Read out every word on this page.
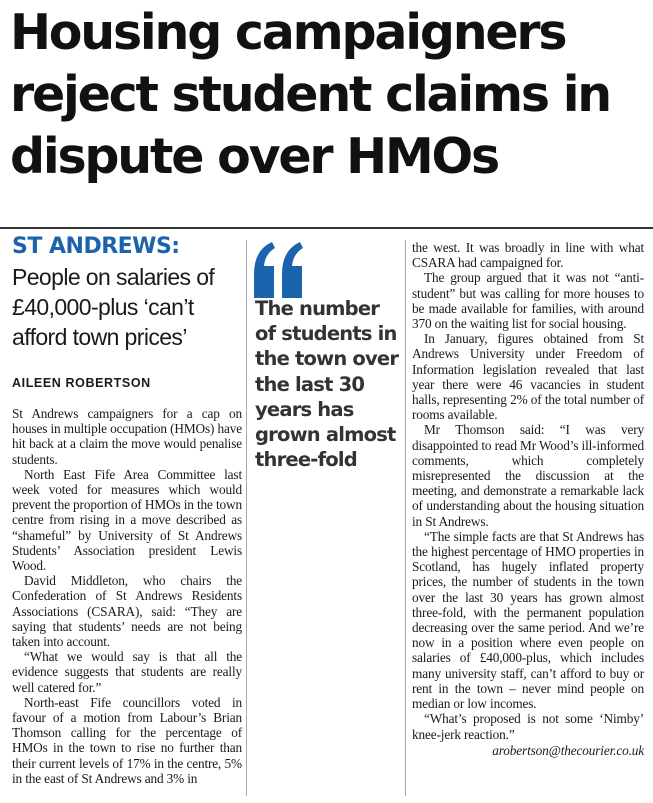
Housing campaigners reject student claims in dispute over HMOs
ST ANDREWS:

People on salaries of £40,000-plus ‘can’t afford town prices’

AILEEN ROBERTSON

St Andrews campaigners for a cap on houses in multiple occupation (HMOs) have hit back at a claim the move would penalise students.

North East Fife Area Committee last week voted for measures which would prevent the proportion of HMOs in the town centre from rising in a move described as “shameful” by University of St Andrews Students’ Association president Lewis Wood.

David Middleton, who chairs the Confederation of St Andrews Residents Associations (CSARA), said: “They are saying that students’ needs are not being taken into account.

“What we would say is that all the evidence suggests that students are really well catered for.”

North-east Fife councillors voted in favour of a motion from Labour’s Brian Thomson calling for the percentage of HMOs in the town to rise no further than their current levels of 17% in the centre, 5% in the east of St Andrews and 3% in

The number of students in the town over the last 30 years has grown almost three-fold

the west. It was broadly in line with what CSARA had campaigned for.

The group argued that it was not “anti-student” but was calling for more houses to be made available for families, with around 370 on the waiting list for social housing.

In January, figures obtained from St Andrews University under Freedom of Information legislation revealed that last year there were 46 vacancies in student halls, representing 2% of the total number of rooms available.

Mr Thomson said: “I was very disappointed to read Mr Wood’s ill-informed comments, which completely misrepresented the discussion at the meeting, and demonstrate a remarkable lack of understanding about the housing situation in St Andrews.

“The simple facts are that St Andrews has the highest percentage of HMO properties in Scotland, has hugely inflated property prices, the number of students in the town over the last 30 years has grown almost three-fold, with the permanent population decreasing over the same period. And we’re now in a position where even people on salaries of £40,000-plus, which includes many university staff, can’t afford to buy or rent in the town – never mind people on median or low incomes.

“What’s proposed is not some ‘Nimby’ knee-jerk reaction.”

arobertson@thecourier.co.uk
